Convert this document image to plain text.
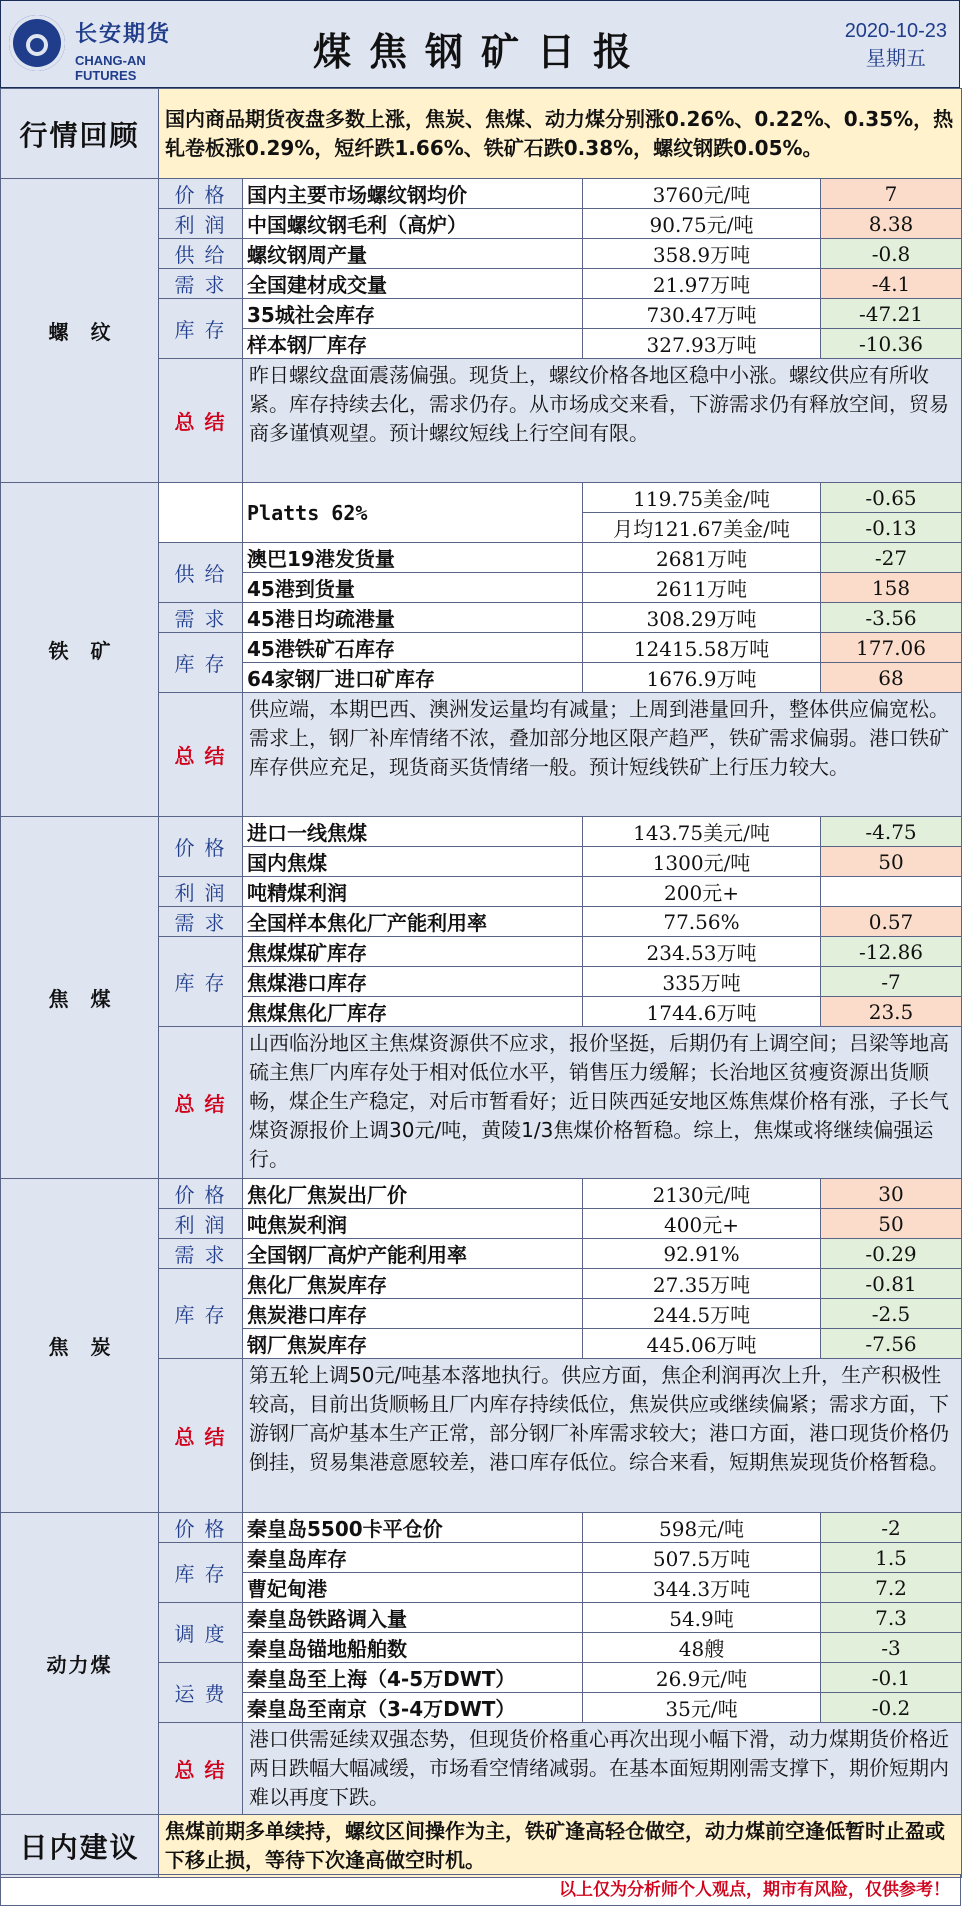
长安期货
CHANG-AN FUTURES
煤焦钢矿日报	2020-10-23
星期五
行情回顾	国内商品期货夜盘多数上涨，焦炭、焦煤、动力煤分别涨0.26%、0.22%、0.35%，热轧卷板涨0.29%，短纤跌1.66%、铁矿石跌0.38%，螺纹钢跌0.05%。			
螺纹	价格	国内主要市场螺纹钢均价	3760元/吨	7
	利润	中国螺纹钢毛利（高炉）	90.75元/吨	8.38
	供给	螺纹钢周产量	358.9万吨	-0.8
	需求	全国建材成交量	21.97万吨	-4.1
	库存	35城社会库存	730.47万吨	-47.21
		样本钢厂库存	327.93万吨	-10.36
	总结	昨日螺纹盘面震荡偏强。现货上，螺纹价格各地区稳中小涨。螺纹供应有所收紧。库存持续去化，需求仍存。从市场成交来看，下游需求仍有释放空间，贸易商多谨慎观望。预计螺纹短线上行空间有限。		
铁矿		Platts 62%	119.75美金/吨	-0.65
			月均121.67美金/吨	-0.13
	供给	澳巴19港发货量	2681万吨	-27
		45港到货量	2611万吨	158
	需求	45港日均疏港量	308.29万吨	-3.56
	库存	45港铁矿石库存	12415.58万吨	177.06
		64家钢厂进口矿库存	1676.9万吨	68
	总结	供应端，本期巴西、澳洲发运量均有减量；上周到港量回升，整体供应偏宽松。需求上，钢厂补库情绪不浓，叠加部分地区限产趋严，铁矿需求偏弱。港口铁矿库存供应充足，现货商买货情绪一般。预计短线铁矿上行压力较大。		
焦煤	价格	进口一线焦煤	143.75美元/吨	-4.75
		国内焦煤	1300元/吨	50
	利润	吨精煤利润	200元+	
	需求	全国样本焦化厂产能利用率	77.56%	0.57
	库存	焦煤煤矿库存	234.53万吨	-12.86
		焦煤港口库存	335万吨	-7
		焦煤焦化厂库存	1744.6万吨	23.5
	总结	山西临汾地区主焦煤资源供不应求，报价坚挺，后期仍有上调空间；吕梁等地高硫主焦厂内库存处于相对低位水平，销售压力缓解；长治地区贫瘦资源出货顺畅，煤企生产稳定，对后市暂看好；近日陕西延安地区炼焦煤价格有涨，子长气煤资源报价上调30元/吨，黄陵1/3焦煤价格暂稳。综上，焦煤或将继续偏强运行。		
焦炭	价格	焦化厂焦炭出厂价	2130元/吨	30
	利润	吨焦炭利润	400元+	50
	需求	全国钢厂高炉产能利用率	92.91%	-0.29
	库存	焦化厂焦炭库存	27.35万吨	-0.81
		焦炭港口库存	244.5万吨	-2.5
		钢厂焦炭库存	445.06万吨	-7.56
	总结	第五轮上调50元/吨基本落地执行。供应方面，焦企利润再次上升，生产积极性较高，目前出货顺畅且厂内库存持续低位，焦炭供应或继续偏紧；需求方面，下游钢厂高炉基本生产正常，部分钢厂补库需求较大；港口方面，港口现货价格仍倒挂，贸易集港意愿较差，港口库存低位。综合来看，短期焦炭现货价格暂稳。		
动力煤	价格	秦皇岛5500卡平仓价	598元/吨	-2
	库存	秦皇岛库存	507.5万吨	1.5
		曹妃甸港	344.3万吨	7.2
	调度	秦皇岛铁路调入量	54.9吨	7.3
		秦皇岛锚地船舶数	48艘	-3
	运费	秦皇岛至上海（4-5万DWT）	26.9元/吨	-0.1
		秦皇岛至南京（3-4万DWT）	35元/吨	-0.2
	总结	港口供需延续双强态势，但现货价格重心再次出现小幅下滑，动力煤期货价格近两日跌幅大幅减缓，市场看空情绪减弱。在基本面短期刚需支撑下，期价短期内难以再度下跌。		
日内建议	焦煤前期多单续持，螺纹区间操作为主，铁矿逢高轻仓做空，动力煤前空逢低暂时止盈或下移止损，等待下次逢高做空时机。			
以上仅为分析师个人观点，期市有风险，仅供参考！
